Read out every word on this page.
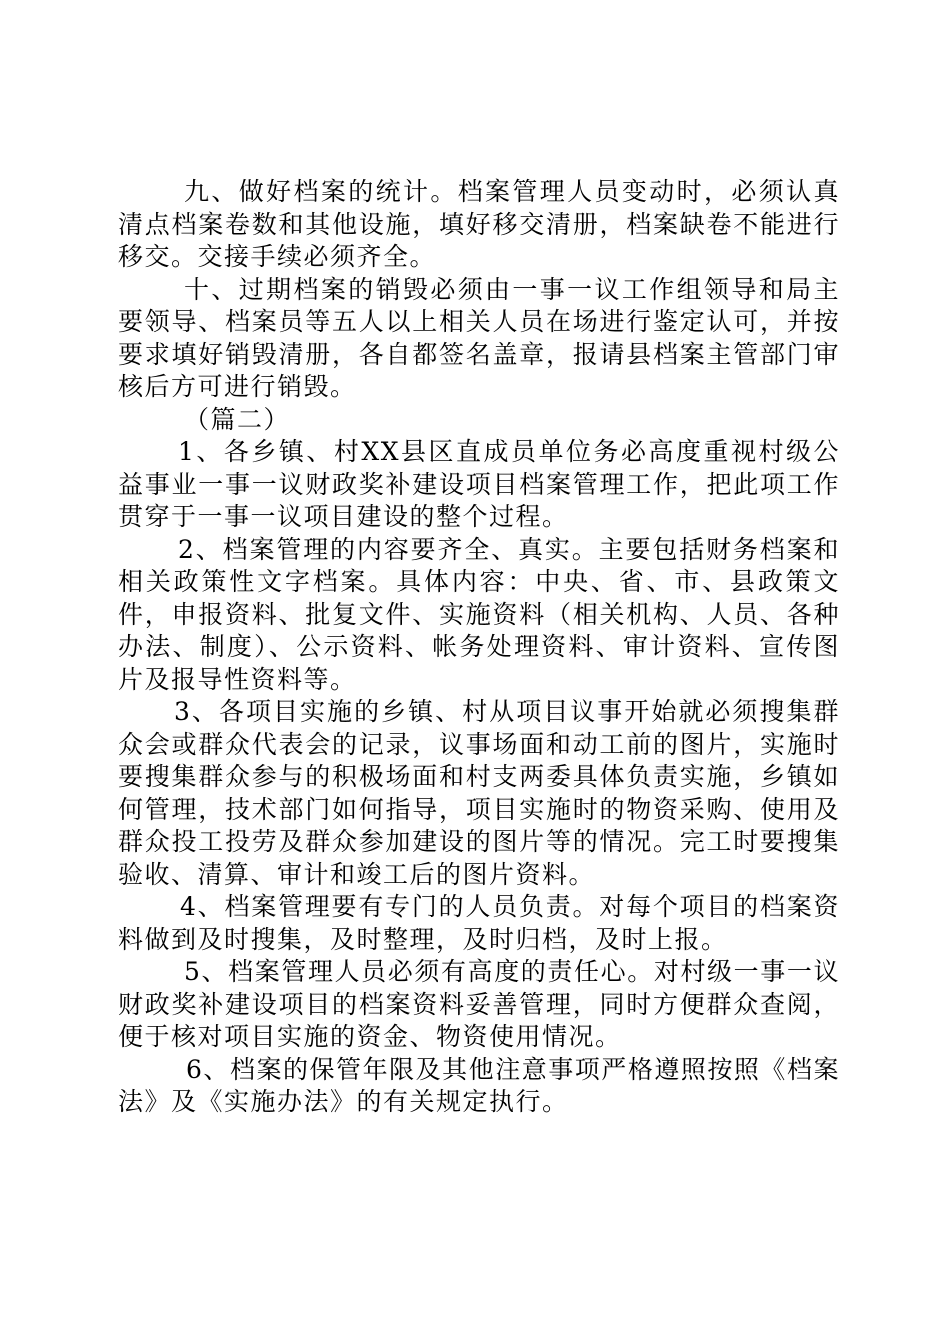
九、做好档案的统计。档案管理人员变动时，必须认真清点档案卷数和其他设施，填好移交清册，档案缺卷不能进行移交。交接手续必须齐全。

十、过期档案的销毁必须由一事一议工作组领导和局主要领导、档案员等五人以上相关人员在场进行鉴定认可，并按要求填好销毁清册，各自都签名盖章，报请县档案主管部门审核后方可进行销毁。

（篇二）

1、各乡镇、村XX县区直成员单位务必高度重视村级公益事业一事一议财政奖补建设项目档案管理工作，把此项工作贯穿于一事一议项目建设的整个过程。

2、档案管理的内容要齐全、真实。主要包括财务档案和相关政策性文字档案。具体内容：中央、省、市、县政策文件，申报资料、批复文件、实施资料（相关机构、人员、各种办法、制度）、公示资料、帐务处理资料、审计资料、宣传图片及报导性资料等。

3、各项目实施的乡镇、村从项目议事开始就必须搜集群众会或群众代表会的记录，议事场面和动工前的图片，实施时要搜集群众参与的积极场面和村支两委具体负责实施，乡镇如何管理，技术部门如何指导，项目实施时的物资采购、使用及群众投工投劳及群众参加建设的图片等的情况。完工时要搜集验收、清算、审计和竣工后的图片资料。

4、档案管理要有专门的人员负责。对每个项目的档案资料做到及时搜集，及时整理，及时归档，及时上报。

5、档案管理人员必须有高度的责任心。对村级一事一议财政奖补建设项目的档案资料妥善管理，同时方便群众查阅，便于核对项目实施的资金、物资使用情况。

6、档案的保管年限及其他注意事项严格遵照按照《档案法》及《实施办法》的有关规定执行。
